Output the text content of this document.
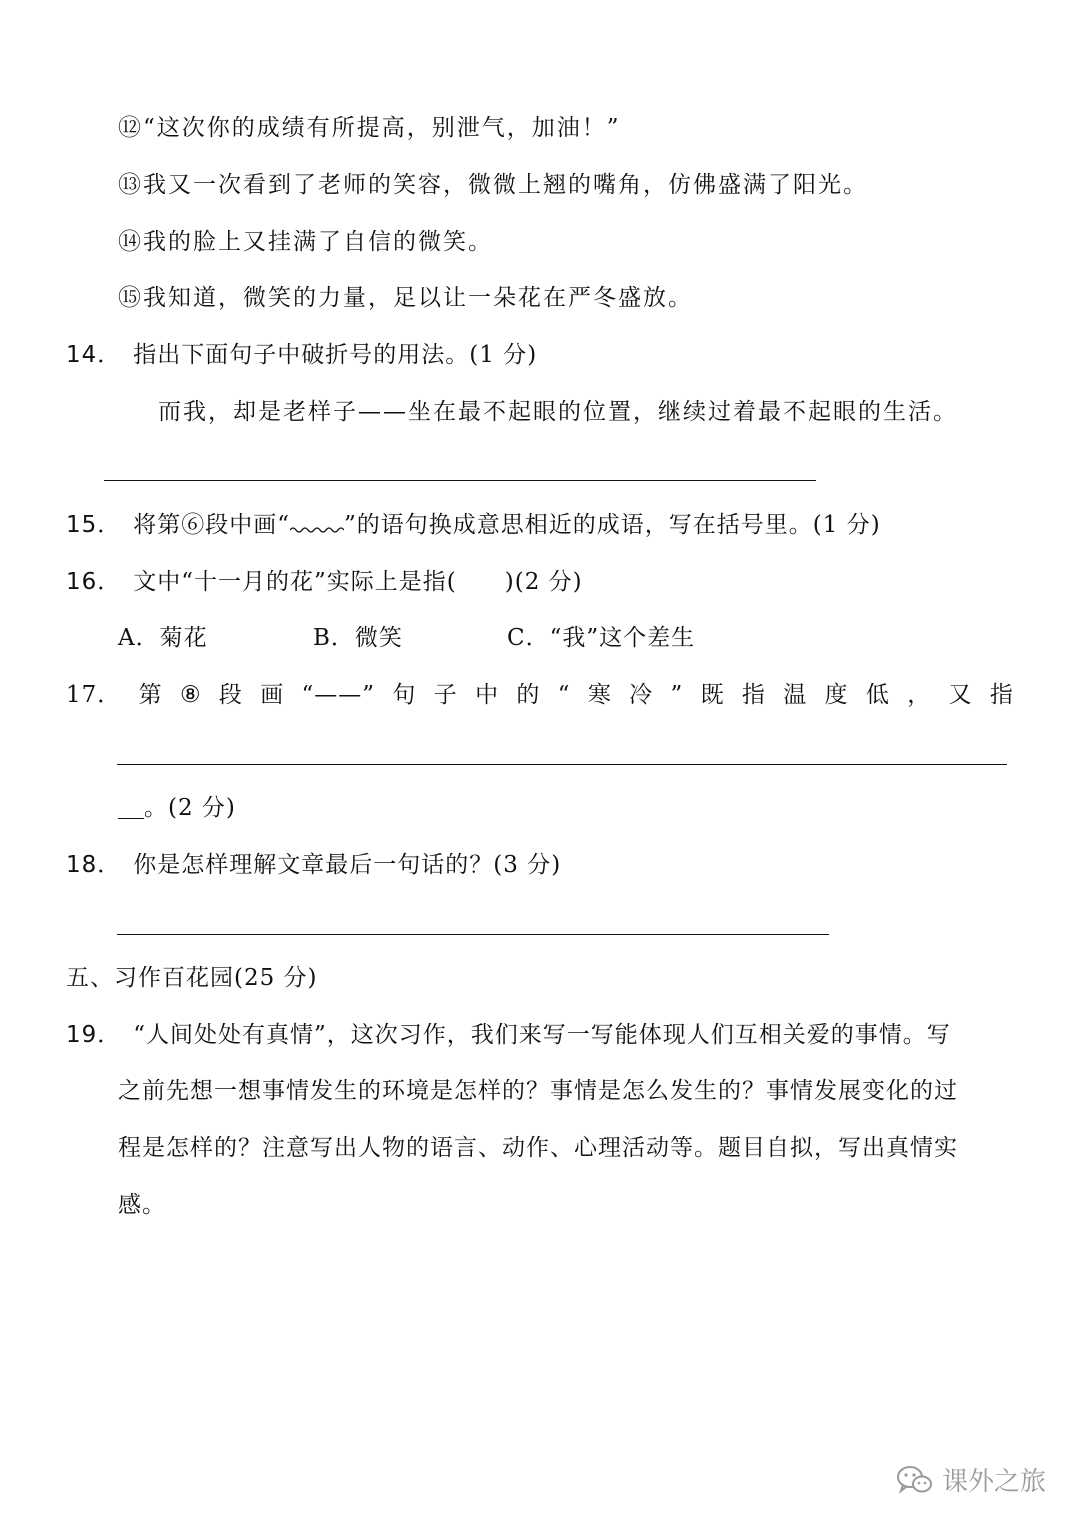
⑫“这次你的成绩有所提高，别泄气，加油！”
⑬我又一次看到了老师的笑容，微微上翘的嘴角，仿佛盛满了阳光。
⑭我的脸上又挂满了自信的微笑。
⑮我知道，微笑的力量，足以让一朵花在严冬盛放。
14． 指出下面句子中破折号的用法。(1 分)
而我，却是老样子——坐在最不起眼的位置，继续过着最不起眼的生活。
15． 将第⑥段中画“ ”的语句换成意思相近的成语，写在括号里。(1 分)
16． 文中“十一月的花”实际上是指(　　)(2 分)
A．菊花	B．微笑	C．“我”这个差生
17． 第 ⑧ 段 画 “——” 句 子 中 的 “ 寒 冷 ” 既 指 温 度 低 ， 又 指
。(2 分)
18． 你是怎样理解文章最后一句话的？(3 分)
五、习作百花园(25 分)
19． “人间处处有真情”，这次习作，我们来写一写能体现人们互相关爱的事情。写
之前先想一想事情发生的环境是怎样的？事情是怎么发生的？事情发展变化的过
程是怎样的？注意写出人物的语言、动作、心理活动等。题目自拟，写出真情实
感。
课外之旅
